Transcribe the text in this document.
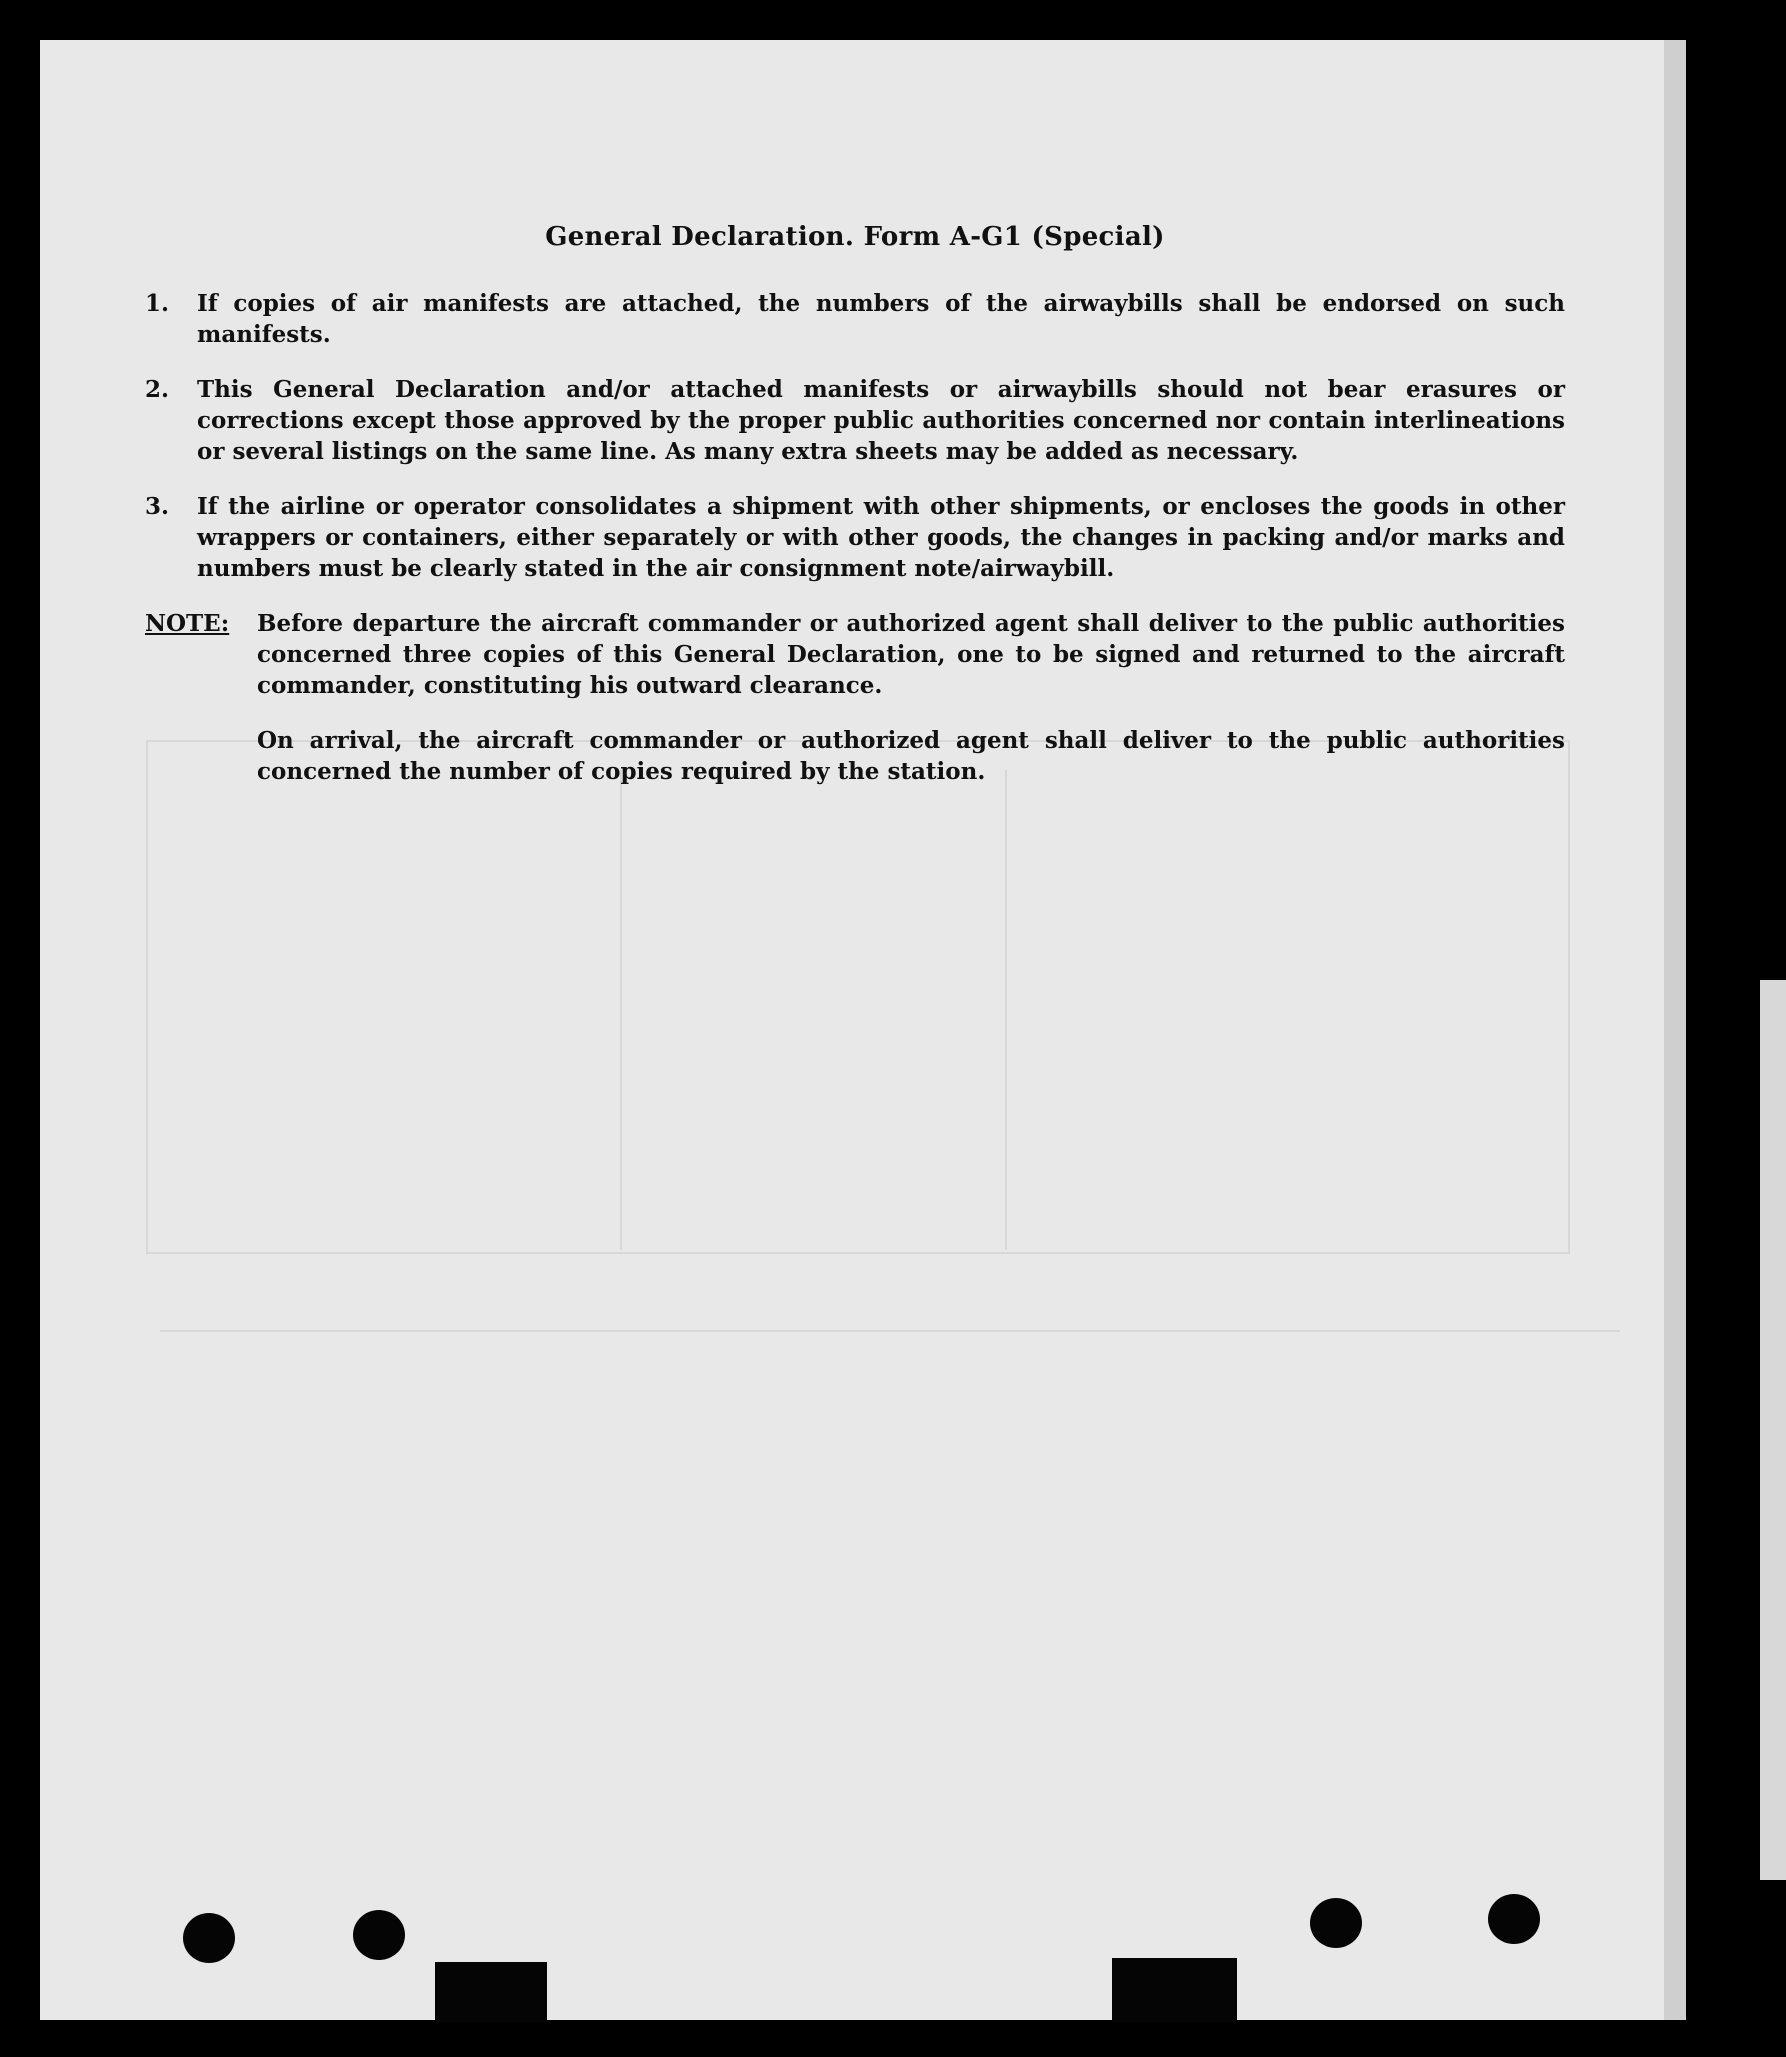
General Declaration. Form A-G1 (Special)
1.	If copies of air manifests are attached, the numbers of the airwaybills shall be endorsed on such manifests.
2.	This General Declaration and/or attached manifests or airwaybills should not bear erasures or corrections except those approved by the proper public authorities concerned nor contain interlineations or several listings on the same line. As many extra sheets may be added as necessary.
3.	If the airline or operator consolidates a shipment with other shipments, or encloses the goods in other wrappers or containers, either separately or with other goods, the changes in packing and/or marks and numbers must be clearly stated in the air consignment note/airwaybill.
NOTE:	Before departure the aircraft commander or authorized agent shall deliver to the public authorities concerned three copies of this General Declaration, one to be signed and returned to the aircraft commander, constituting his outward clearance.
On arrival, the aircraft commander or authorized agent shall deliver to the public authorities concerned the number of copies required by the station.
